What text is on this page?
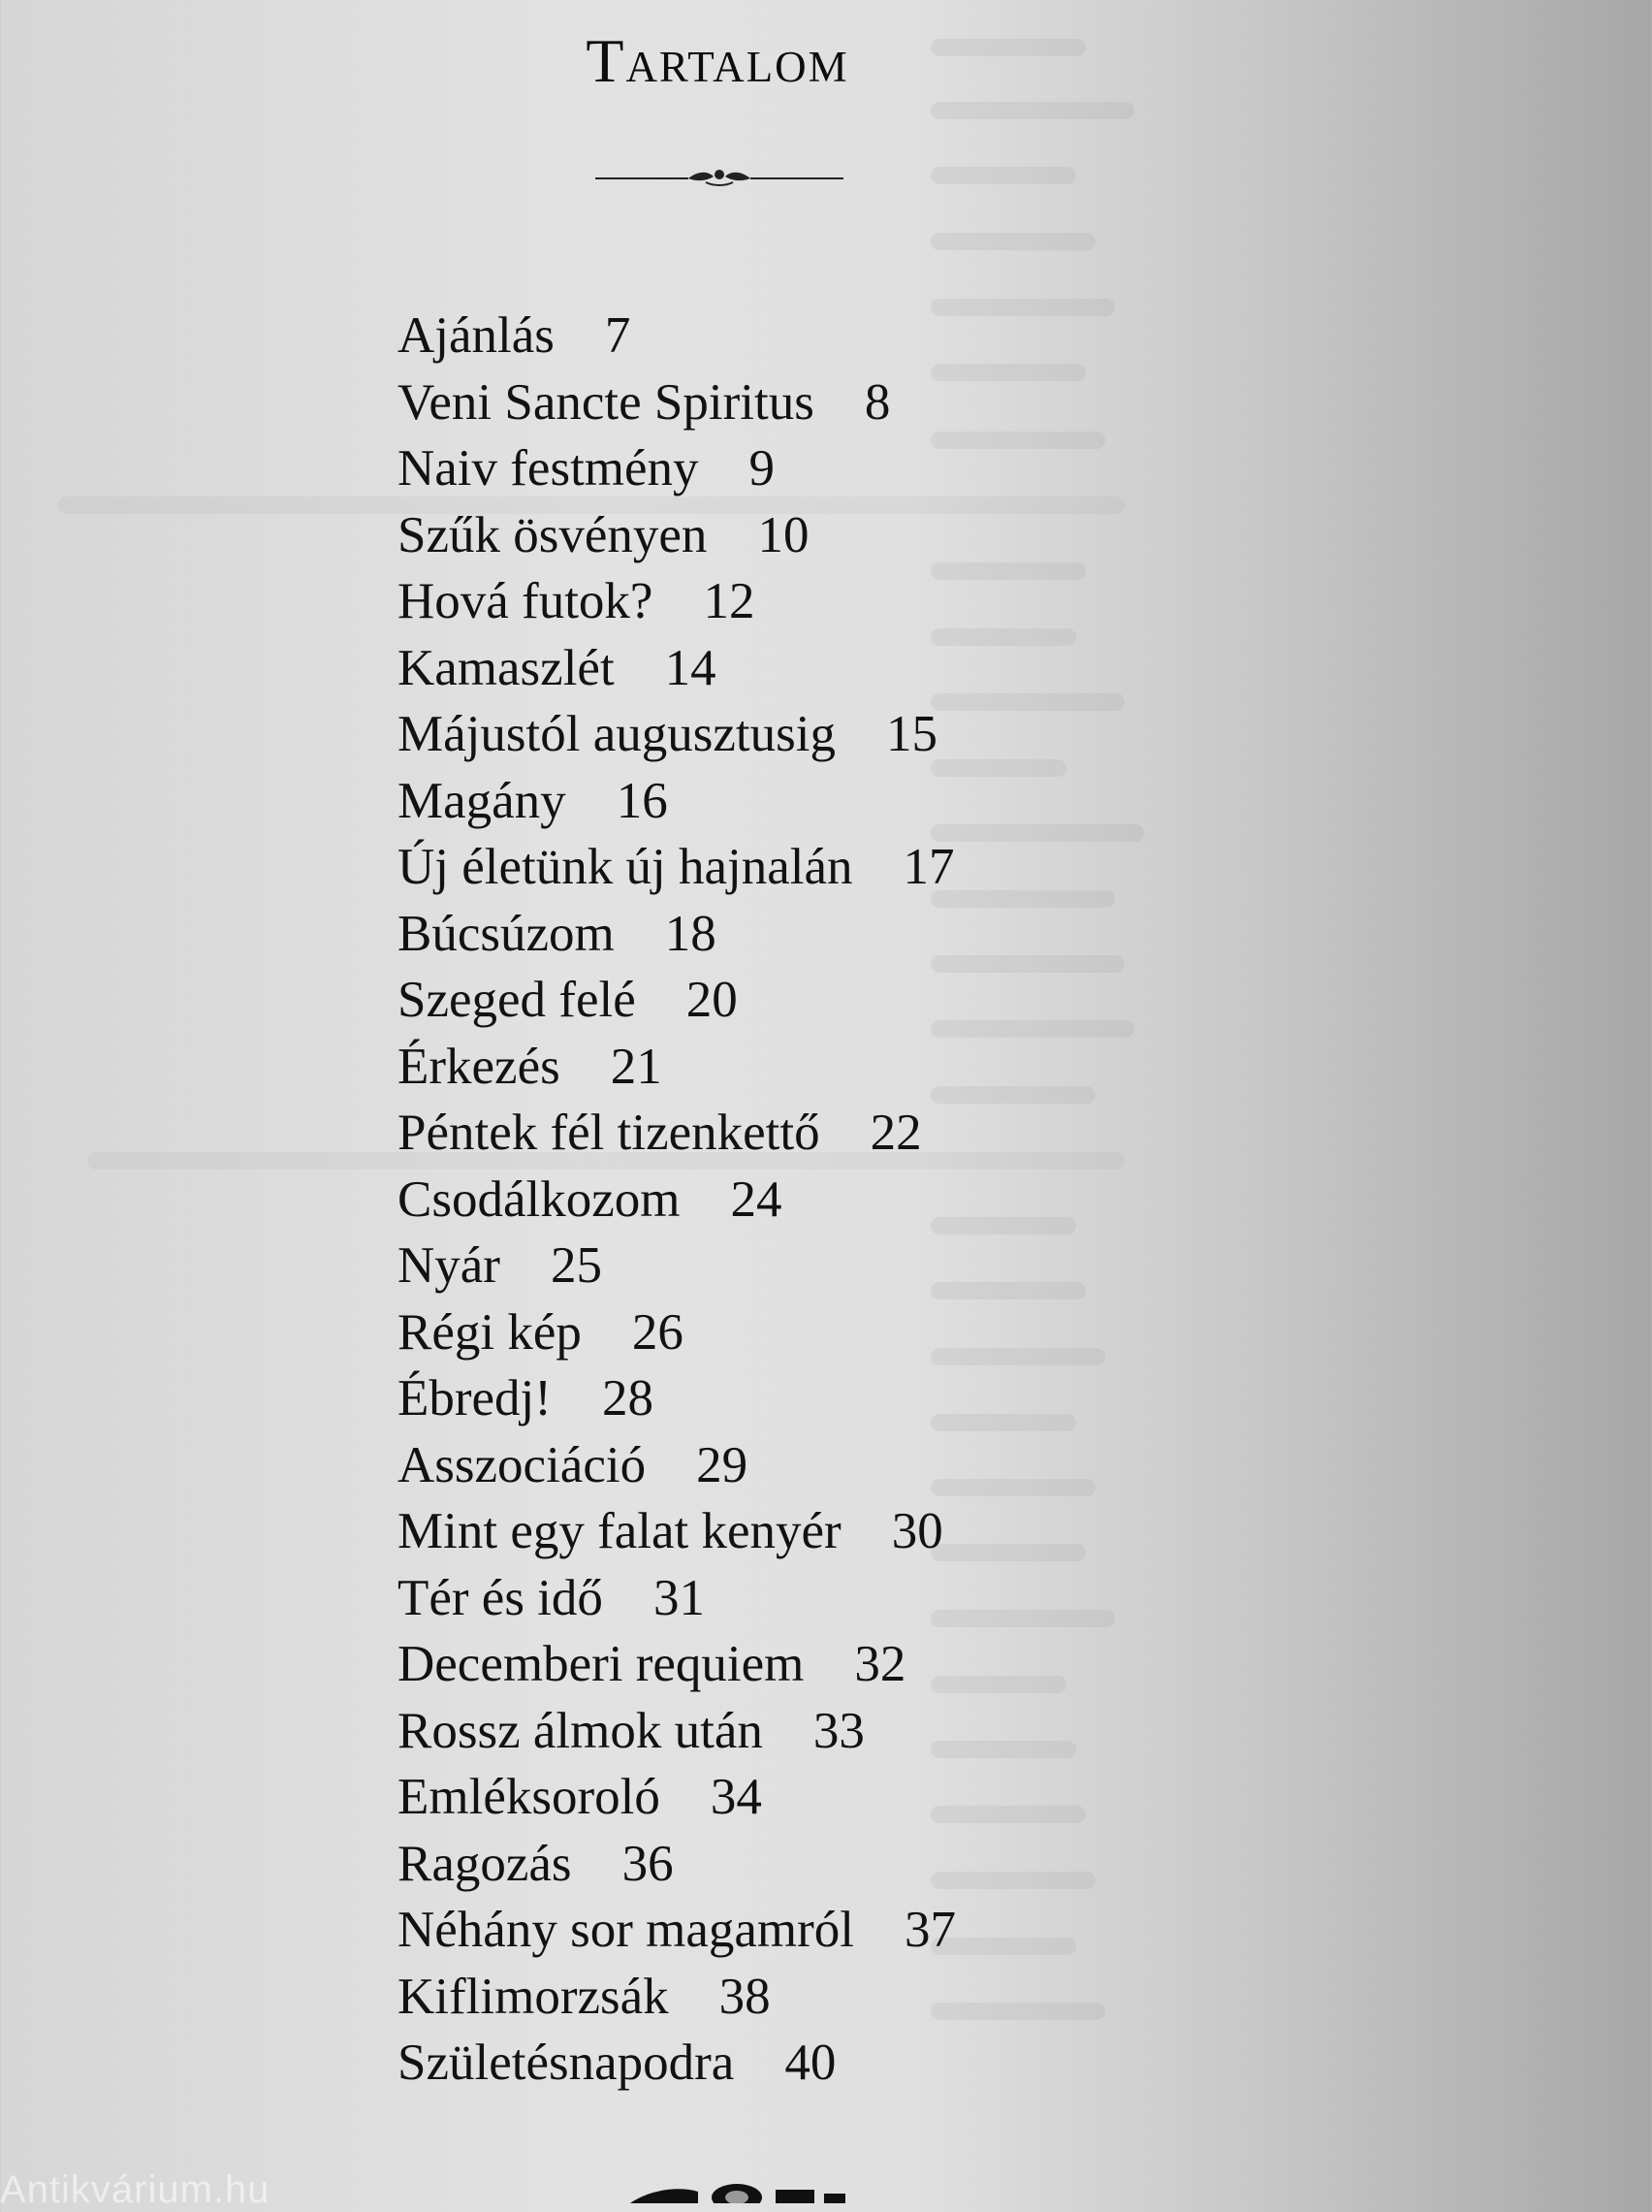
Tartalom
Ajánlás 7
Veni Sancte Spiritus 8
Naiv festmény 9
Szűk ösvényen 10
Hová futok? 12
Kamaszlét 14
Májustól augusztusig 15
Magány 16
Új életünk új hajnalán 17
Búcsúzom 18
Szeged felé 20
Érkezés 21
Péntek fél tizenkettő 22
Csodálkozom 24
Nyár 25
Régi kép 26
Ébredj! 28
Asszociáció 29
Mint egy falat kenyér 30
Tér és idő 31
Decemberi requiem 32
Rossz álmok után 33
Emléksoroló 34
Ragozás 36
Néhány sor magamról 37
Kiflimorzsák 38
Születésnapodra 40
Antikvárium.hu
